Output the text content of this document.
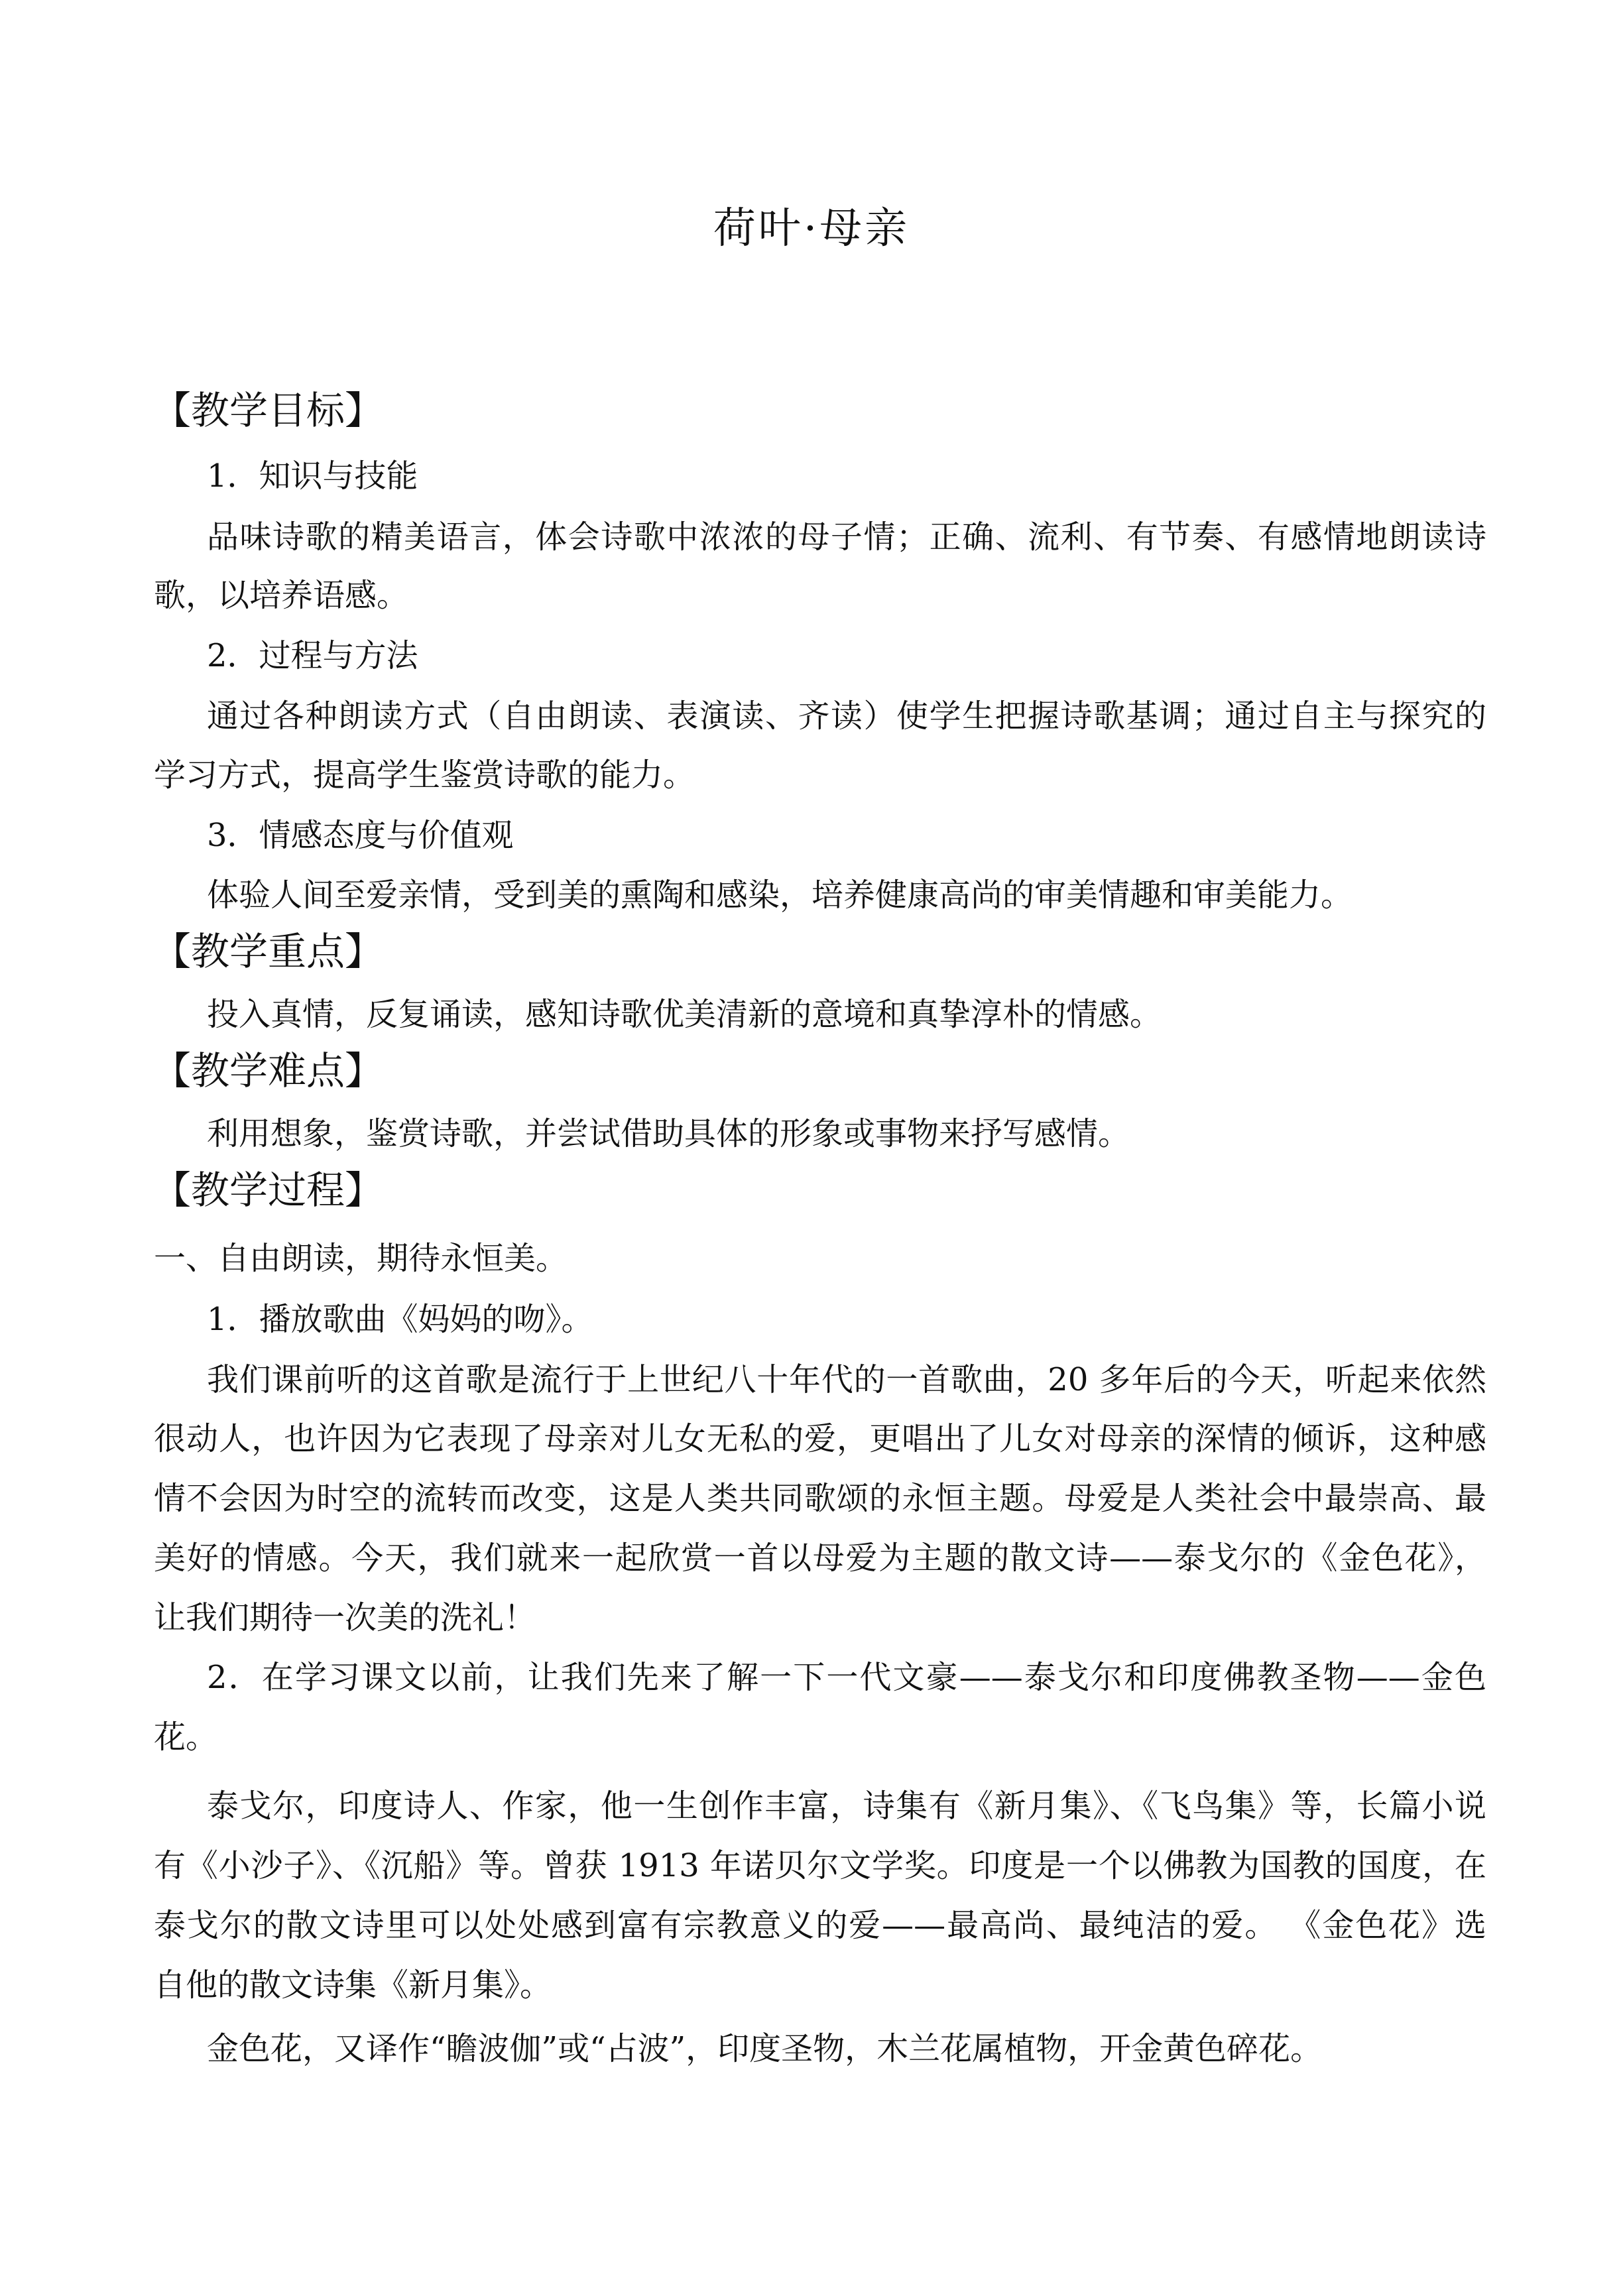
荷叶·母亲
【教学目标】
1．知识与技能
品味诗歌的精美语言，体会诗歌中浓浓的母子情；正确、流利、有节奏、有感情地朗读诗
歌，以培养语感。
2．过程与方法
通过各种朗读方式（自由朗读、表演读、齐读）使学生把握诗歌基调；通过自主与探究的
学习方式，提高学生鉴赏诗歌的能力。
3．情感态度与价值观
体验人间至爱亲情，受到美的熏陶和感染，培养健康高尚的审美情趣和审美能力。
【教学重点】
投入真情，反复诵读，感知诗歌优美清新的意境和真挚淳朴的情感。
【教学难点】
利用想象，鉴赏诗歌，并尝试借助具体的形象或事物来抒写感情。
【教学过程】
一、自由朗读，期待永恒美。
1．播放歌曲《妈妈的吻》。
我们课前听的这首歌是流行于上世纪八十年代的一首歌曲，20 多年后的今天，听起来依然
很动人，也许因为它表现了母亲对儿女无私的爱，更唱出了儿女对母亲的深情的倾诉，这种感
情不会因为时空的流转而改变，这是人类共同歌颂的永恒主题。母爱是人类社会中最崇高、最
美好的情感。今天，我们就来一起欣赏一首以母爱为主题的散文诗——泰戈尔的《金色花》，
让我们期待一次美的洗礼！
2．在学习课文以前，让我们先来了解一下一代文豪——泰戈尔和印度佛教圣物——金色
花。
泰戈尔，印度诗人、作家，他一生创作丰富，诗集有《新月集》、《飞鸟集》等，长篇小说
有《小沙子》、《沉船》等。曾获 1913 年诺贝尔文学奖。印度是一个以佛教为国教的国度，在
泰戈尔的散文诗里可以处处感到富有宗教意义的爱——最高尚、最纯洁的爱。 《金色花》选
自他的散文诗集《新月集》。
金色花，又译作“瞻波伽”或“占波”，印度圣物，木兰花属植物，开金黄色碎花。
